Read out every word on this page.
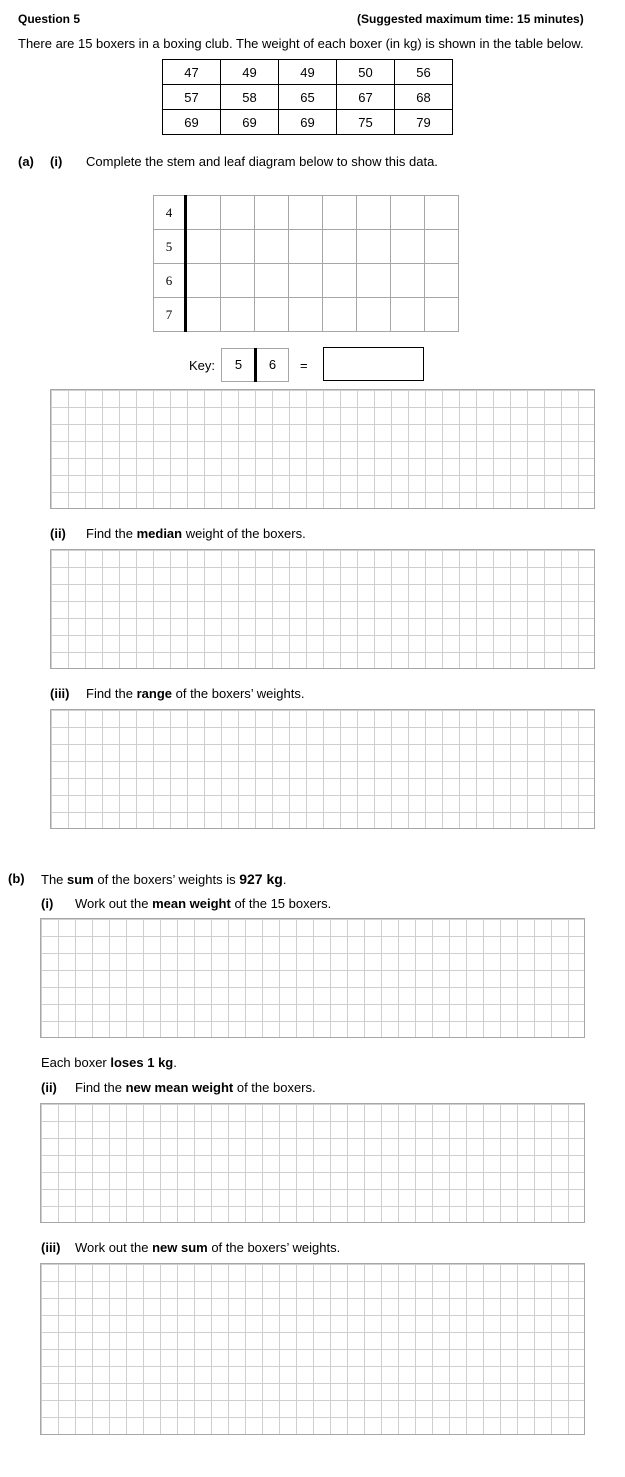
Question 5	(Suggested maximum time: 15 minutes)
There are 15 boxers in a boxing club. The weight of each boxer (in kg) is shown in the table below.
47	49	49	50	56
57	58	65	67	68
69	69	69	75	79
(a) (i) Complete the stem and leaf diagram below to show this data.
4								
5								
6								
7								
Key:	5	6	=
(ii) Find the median weight of the boxers.
(iii) Find the range of the boxers’ weights.
(b) The sum of the boxers’ weights is 927 kg.
(i) Work out the mean weight of the 15 boxers.
Each boxer loses 1 kg.
(ii) Find the new mean weight of the boxers.
(iii) Work out the new sum of the boxers’ weights.
